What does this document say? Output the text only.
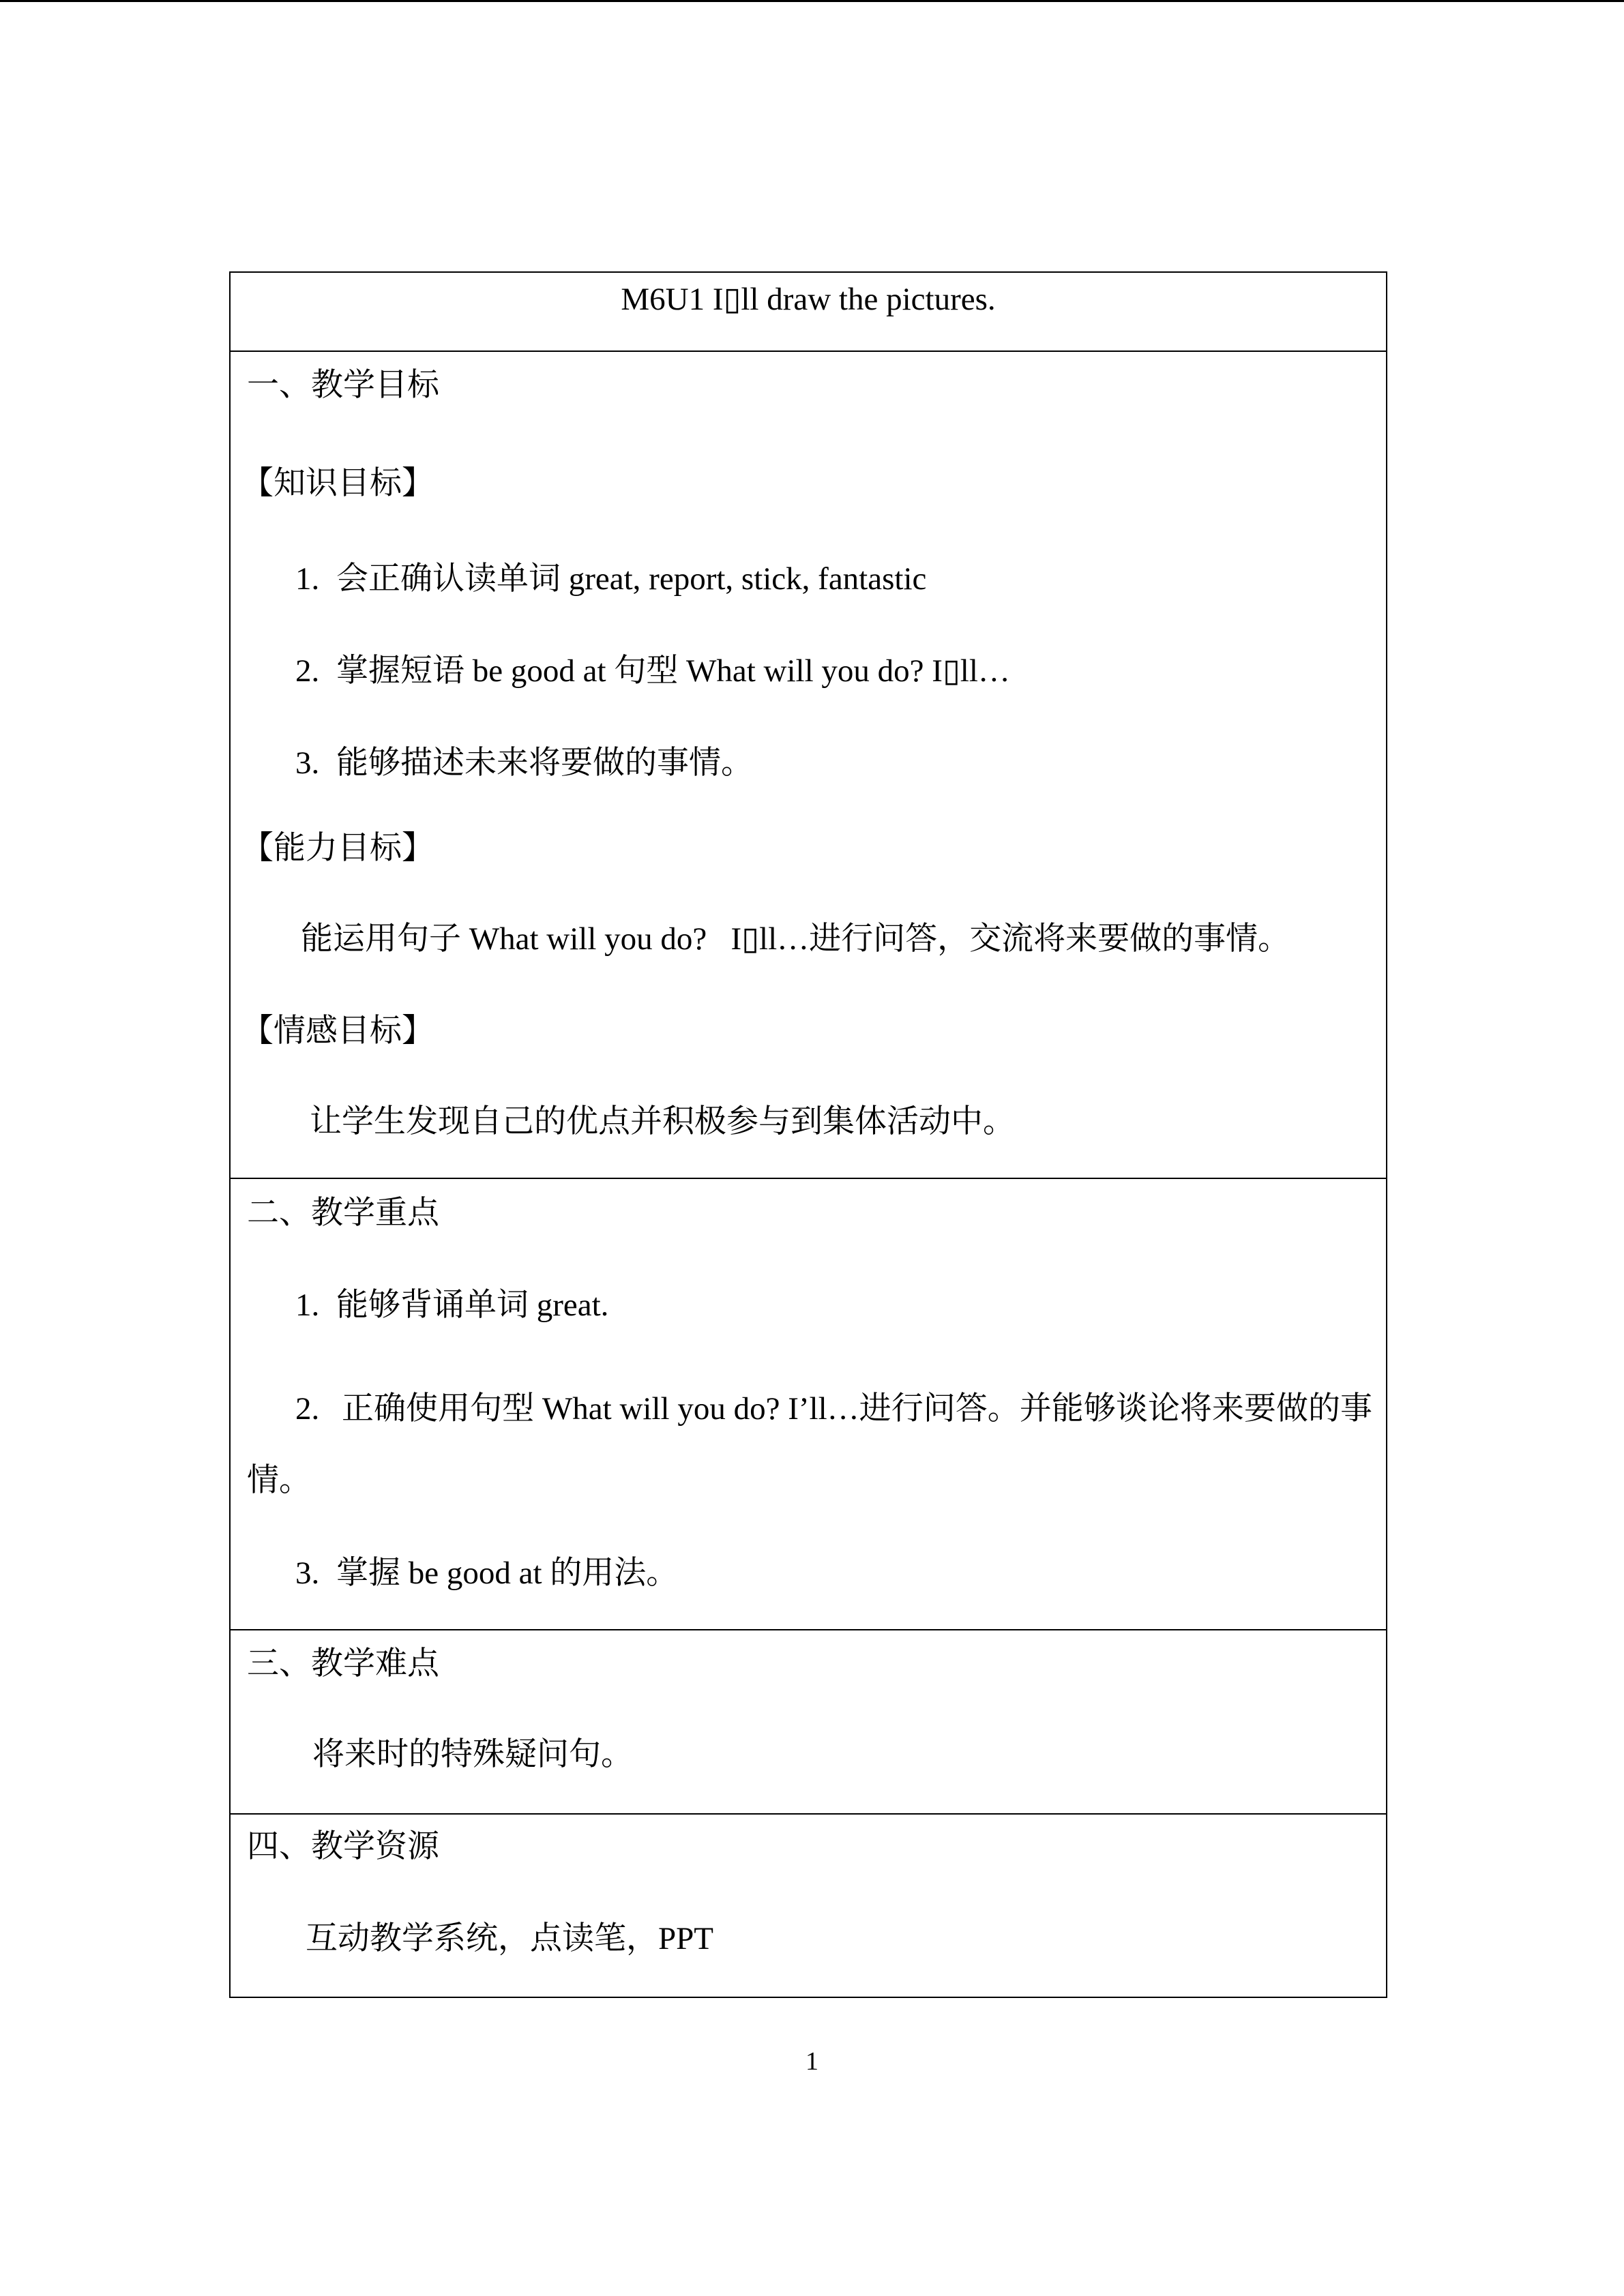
M6U1 I▯ll draw the pictures.
一、教学目标
【知识目标】
1. 会正确认读单词 great, report, stick, fantastic
2. 掌握短语 be good at 句型 What will you do? I▯ll…
3. 能够描述未来将要做的事情。
【能力目标】
能运用句子 What will you do?   I▯ll…进行问答，交流将来要做的事情。
【情感目标】
让学生发现自己的优点并积极参与到集体活动中。
二、教学重点
1. 能够背诵单词 great.

2. 正确使用句型 What will you do? I’ll…进行问答。并能够谈论将来要做的事情。

3. 掌握 be good at 的用法。
三、教学难点
将来时的特殊疑问句。
四、教学资源
互动教学系统，点读笔，PPT
1
